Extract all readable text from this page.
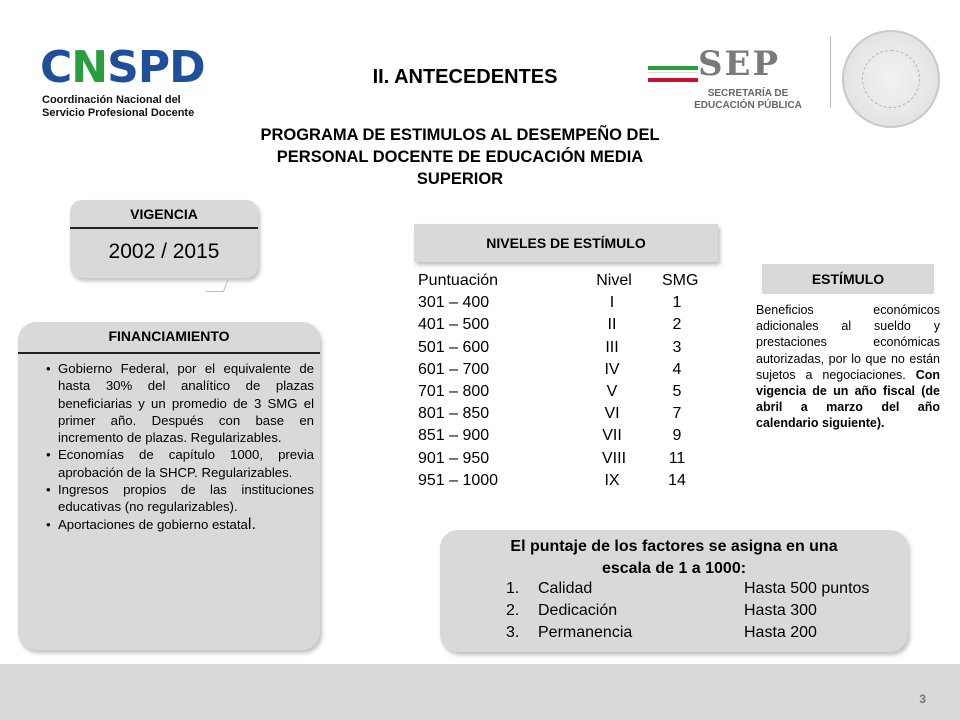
CNSPD
Coordinación Nacional del
Servicio Profesional Docente
SEP
SECRETARÍA DE
EDUCACIÓN PÚBLICA
II. ANTECEDENTES
PROGRAMA DE ESTIMULOS AL DESEMPEÑO DEL
PERSONAL DOCENTE DE EDUCACIÓN MEDIA
SUPERIOR
VIGENCIA
2002 / 2015
FINANCIAMIENTO
• Gobierno Federal, por el equivalente de hasta 30% del analítico de plazas beneficiarias y un promedio de 3 SMG el primer año. Después con base en incremento de plazas. Regularizables.
• Economías de capítulo 1000, previa aprobación de la SHCP. Regularizables.
• Ingresos propios de las instituciones educativas (no regularizables).
• Aportaciones de gobierno estatal.
NIVELES DE ESTÍMULO
Puntuación	Nivel	SMG
301 – 400	I	1
401 – 500	II	2
501 – 600	III	3
601 – 700	IV	4
701 – 800	V	5
801 – 850	VI	7
851 – 900	VII	9
901 – 950	VIII	11
951 – 1000	IX	14
ESTÍMULO
Beneficios económicos adicionales al sueldo y prestaciones económicas autorizadas, por lo que no están sujetos a negociaciones. Con vigencia de un año fiscal (de abril a marzo del año calendario siguiente).
El puntaje de los factores se asigna en una
escala de 1 a 1000:
1. Calidad	Hasta 500 puntos
2. Dedicación	Hasta 300
3. Permanencia	Hasta 200
3
